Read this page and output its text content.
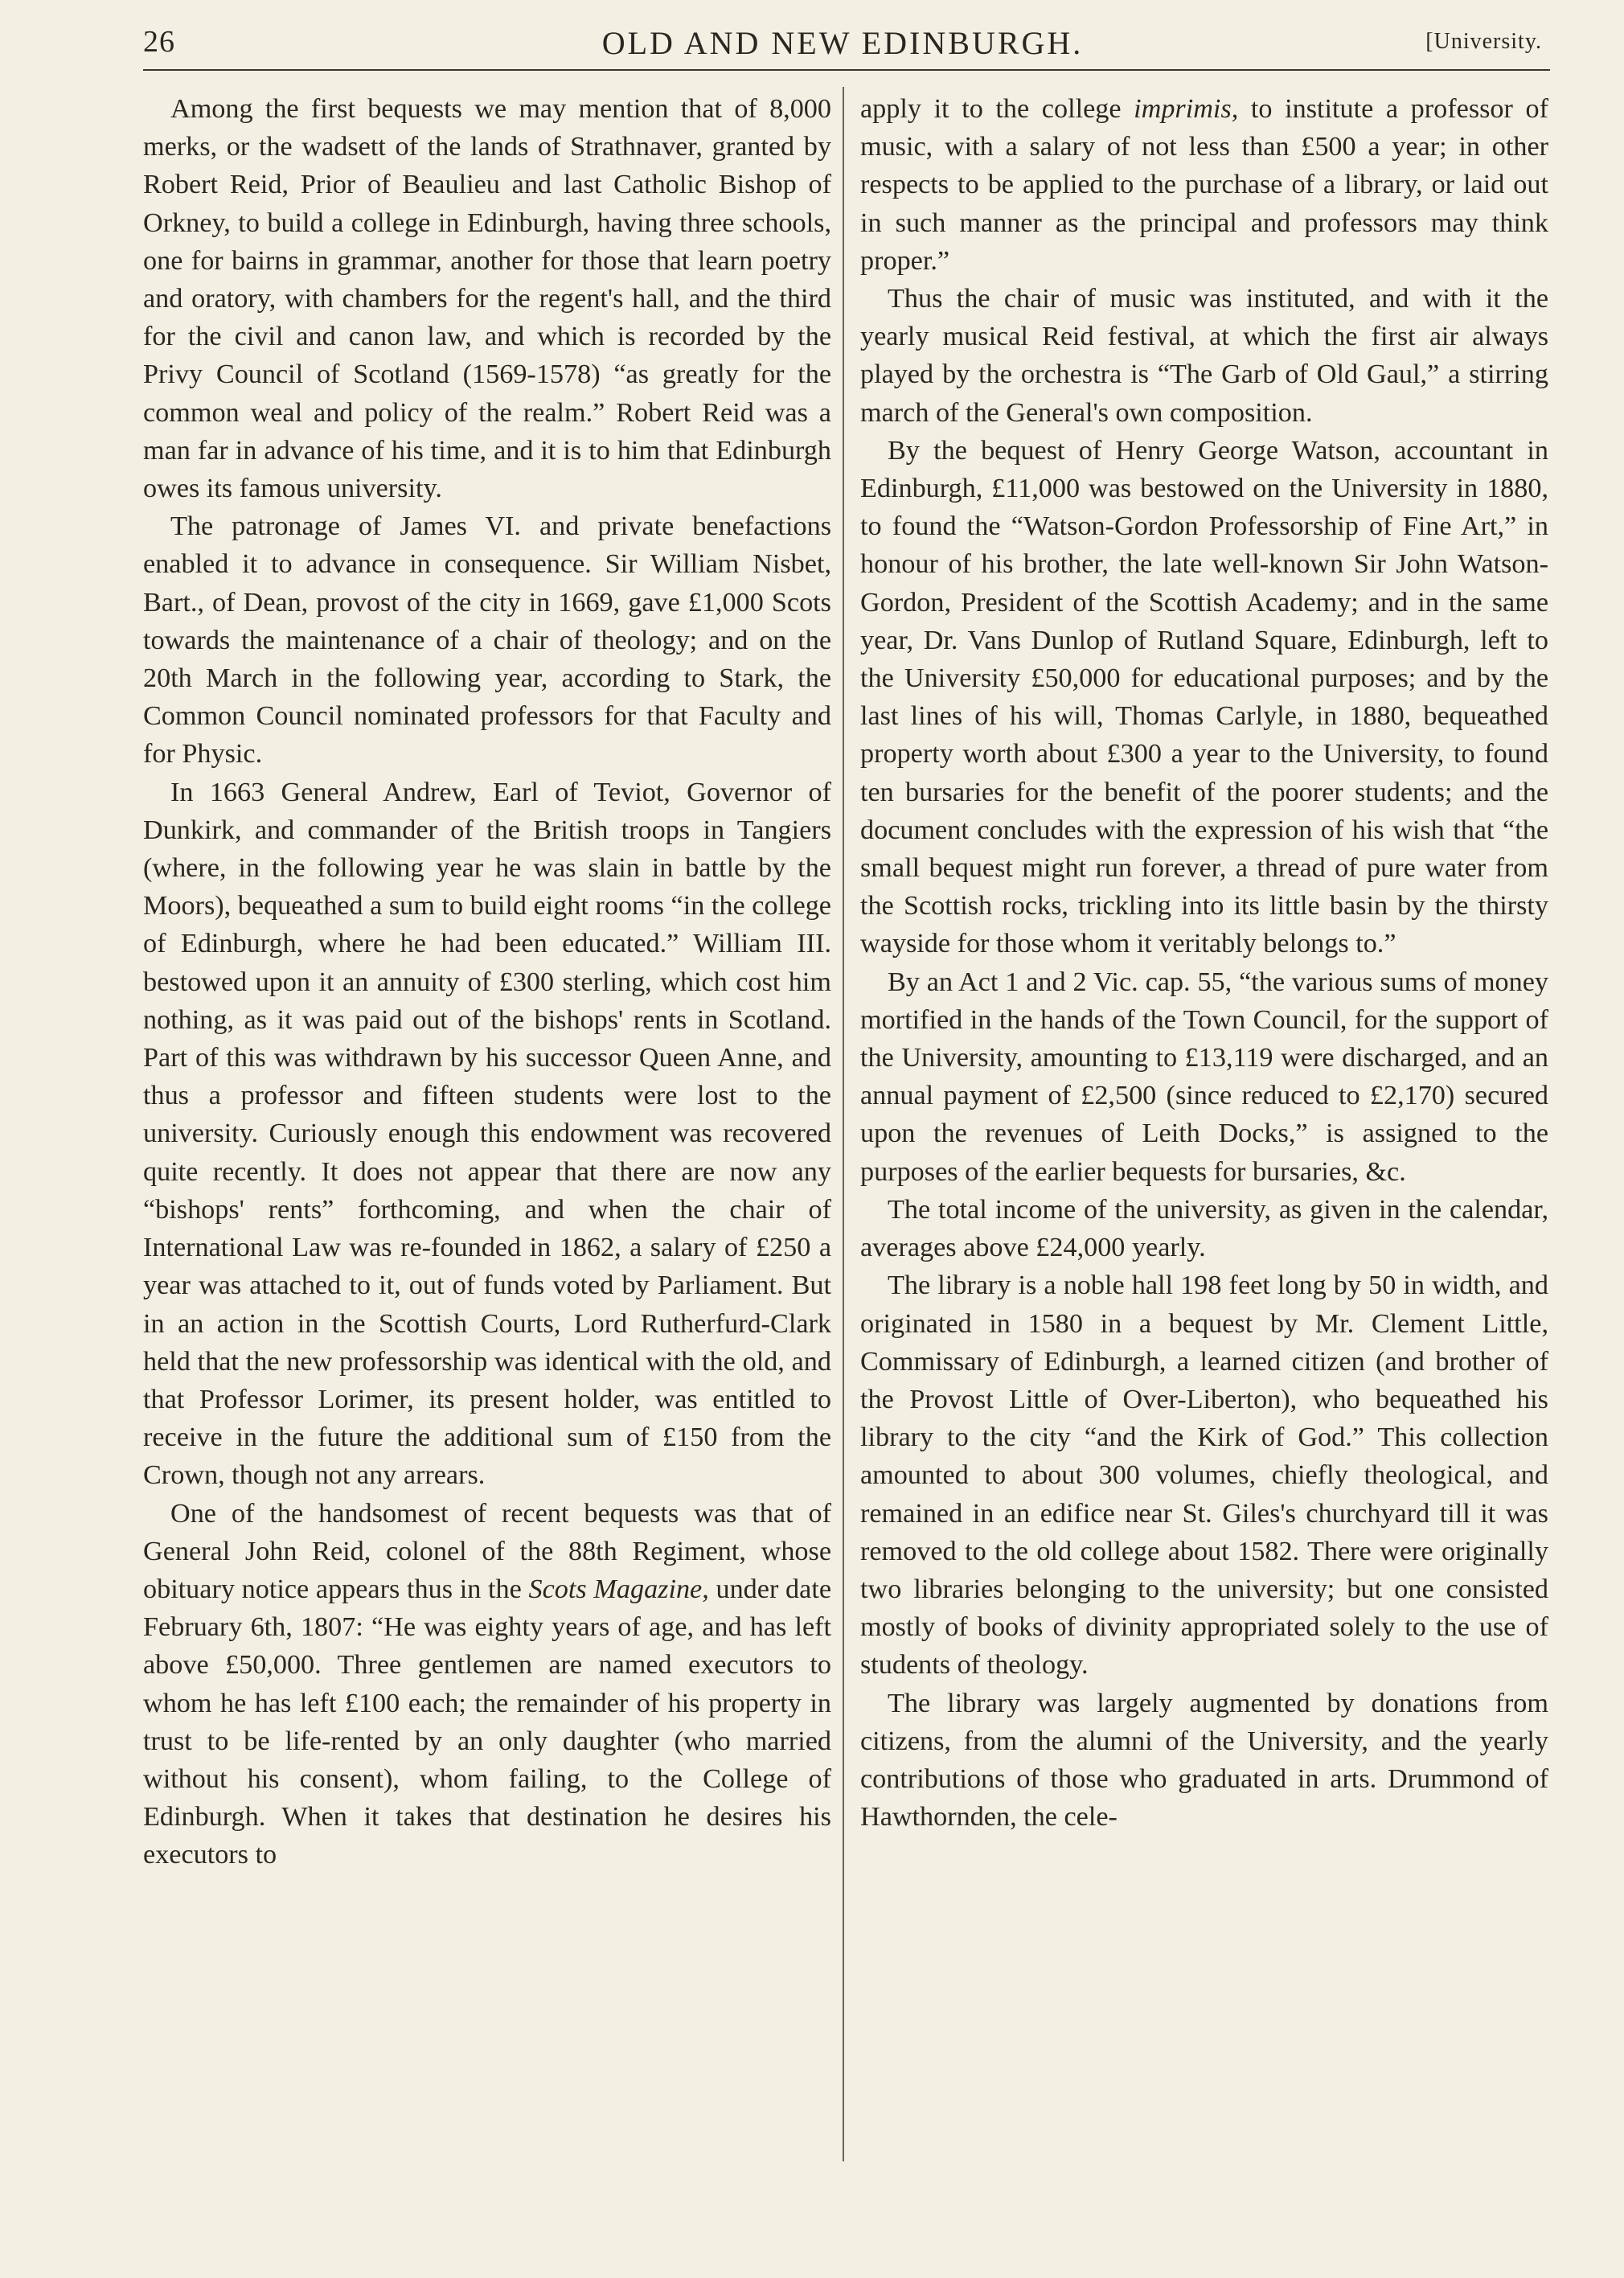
26	OLD AND NEW EDINBURGH.	[University.

Among the first bequests we may mention that of 8,000 merks, or the wadsett of the lands of Strathnaver, granted by Robert Reid, Prior of Beaulieu and last Catholic Bishop of Orkney, to build a college in Edinburgh, having three schools, one for bairns in grammar, another for those that learn poetry and oratory, with chambers for the regent's hall, and the third for the civil and canon law, and which is recorded by the Privy Council of Scotland (1569-1578) “as greatly for the common weal and policy of the realm.” Robert Reid was a man far in advance of his time, and it is to him that Edinburgh owes its famous university.

The patronage of James VI. and private benefactions enabled it to advance in consequence. Sir William Nisbet, Bart., of Dean, provost of the city in 1669, gave £1,000 Scots towards the maintenance of a chair of theology; and on the 20th March in the following year, according to Stark, the Common Council nominated professors for that Faculty and for Physic.

In 1663 General Andrew, Earl of Teviot, Governor of Dunkirk, and commander of the British troops in Tangiers (where, in the following year he was slain in battle by the Moors), bequeathed a sum to build eight rooms “in the college of Edinburgh, where he had been educated.” William III. bestowed upon it an annuity of £300 sterling, which cost him nothing, as it was paid out of the bishops' rents in Scotland. Part of this was withdrawn by his successor Queen Anne, and thus a professor and fifteen students were lost to the university. Curiously enough this endowment was recovered quite recently. It does not appear that there are now any “bishops' rents” forthcoming, and when the chair of International Law was re-founded in 1862, a salary of £250 a year was attached to it, out of funds voted by Parliament. But in an action in the Scottish Courts, Lord Rutherfurd-Clark held that the new professorship was identical with the old, and that Professor Lorimer, its present holder, was entitled to receive in the future the additional sum of £150 from the Crown, though not any arrears.

One of the handsomest of recent bequests was that of General John Reid, colonel of the 88th Regiment, whose obituary notice appears thus in the Scots Magazine, under date February 6th, 1807: “He was eighty years of age, and has left above £50,000. Three gentlemen are named executors to whom he has left £100 each; the remainder of his property in trust to be life-rented by an only daughter (who married without his consent), whom failing, to the College of Edinburgh. When it takes that destination he desires his executors to

apply it to the college imprimis, to institute a professor of music, with a salary of not less than £500 a year; in other respects to be applied to the purchase of a library, or laid out in such manner as the principal and professors may think proper.”

Thus the chair of music was instituted, and with it the yearly musical Reid festival, at which the first air always played by the orchestra is “The Garb of Old Gaul,” a stirring march of the General's own composition.

By the bequest of Henry George Watson, accountant in Edinburgh, £11,000 was bestowed on the University in 1880, to found the “Watson-Gordon Professorship of Fine Art,” in honour of his brother, the late well-known Sir John Watson-Gordon, President of the Scottish Academy; and in the same year, Dr. Vans Dunlop of Rutland Square, Edinburgh, left to the University £50,000 for educational purposes; and by the last lines of his will, Thomas Carlyle, in 1880, bequeathed property worth about £300 a year to the University, to found ten bursaries for the benefit of the poorer students; and the document concludes with the expression of his wish that “the small bequest might run forever, a thread of pure water from the Scottish rocks, trickling into its little basin by the thirsty wayside for those whom it veritably belongs to.”

By an Act 1 and 2 Vic. cap. 55, “the various sums of money mortified in the hands of the Town Council, for the support of the University, amounting to £13,119 were discharged, and an annual payment of £2,500 (since reduced to £2,170) secured upon the revenues of Leith Docks,” is assigned to the purposes of the earlier bequests for bursaries, &c.

The total income of the university, as given in the calendar, averages above £24,000 yearly.

The library is a noble hall 198 feet long by 50 in width, and originated in 1580 in a bequest by Mr. Clement Little, Commissary of Edinburgh, a learned citizen (and brother of the Provost Little of Over-Liberton), who bequeathed his library to the city “and the Kirk of God.” This collection amounted to about 300 volumes, chiefly theological, and remained in an edifice near St. Giles's churchyard till it was removed to the old college about 1582. There were originally two libraries belonging to the university; but one consisted mostly of books of divinity appropriated solely to the use of students of theology.

The library was largely augmented by donations from citizens, from the alumni of the University, and the yearly contributions of those who graduated in arts. Drummond of Hawthornden, the cele-
